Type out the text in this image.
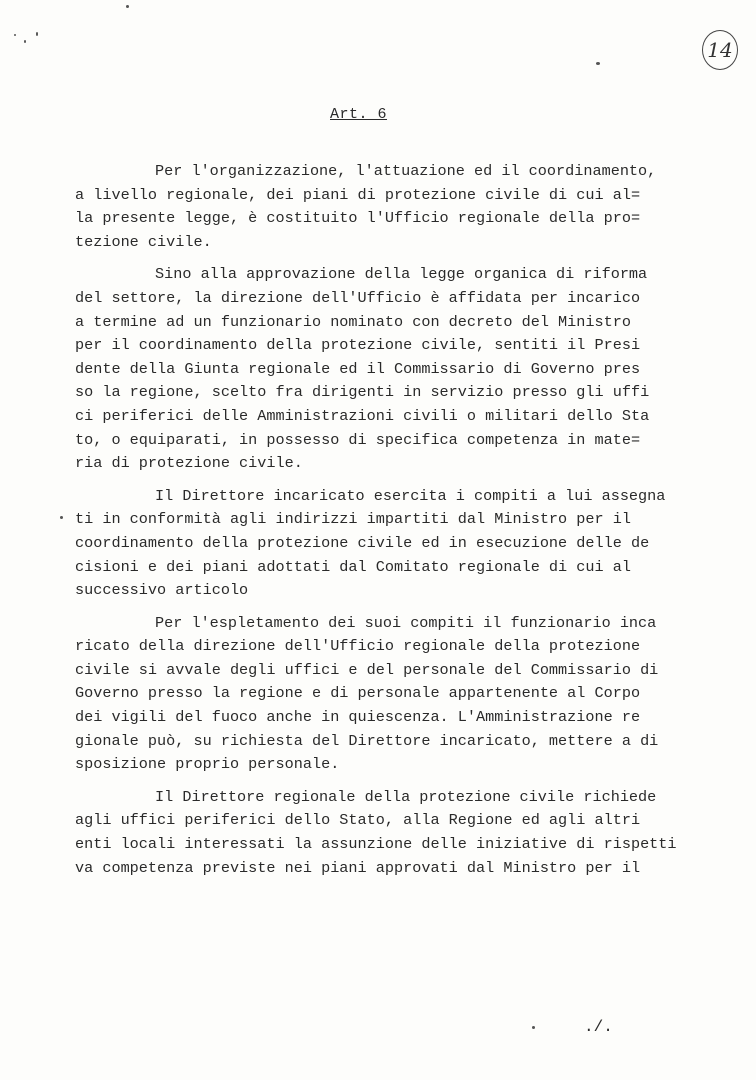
14
Art. 6
Per l'organizzazione, l'attuazione ed il coordinamento,
a livello regionale, dei piani di protezione civile di cui al=
la presente legge, è costituito l'Ufficio regionale della pro=
tezione civile.
Sino alla approvazione della legge organica di riforma
del settore, la direzione dell'Ufficio è affidata per incarico
a termine ad un funzionario nominato con decreto del Ministro
per il coordinamento della protezione civile, sentiti il Presi
dente della Giunta regionale ed il Commissario di Governo pres
so la regione, scelto fra dirigenti in servizio presso gli uffi
ci periferici delle Amministrazioni civili o militari dello Sta
to, o equiparati, in possesso di specifica competenza in mate=
ria di protezione civile.
Il Direttore incaricato esercita i compiti a lui assegna
ti in conformità agli indirizzi impartiti dal Ministro per il
coordinamento della protezione civile ed in esecuzione delle de
cisioni e dei piani adottati dal Comitato regionale di cui al
successivo articolo
Per l'espletamento dei suoi compiti il funzionario inca
ricato della direzione dell'Ufficio regionale della protezione
civile si avvale degli uffici e del personale del Commissario di
Governo presso la regione e di personale appartenente al Corpo
dei vigili del fuoco anche in quiescenza. L'Amministrazione re
gionale può, su richiesta del Direttore incaricato, mettere a di
sposizione proprio personale.
Il Direttore regionale della protezione civile richiede
agli uffici periferici dello Stato, alla Regione ed agli altri
enti locali interessati la assunzione delle iniziative di rispetti
va competenza previste nei piani approvati dal Ministro per il
./.
